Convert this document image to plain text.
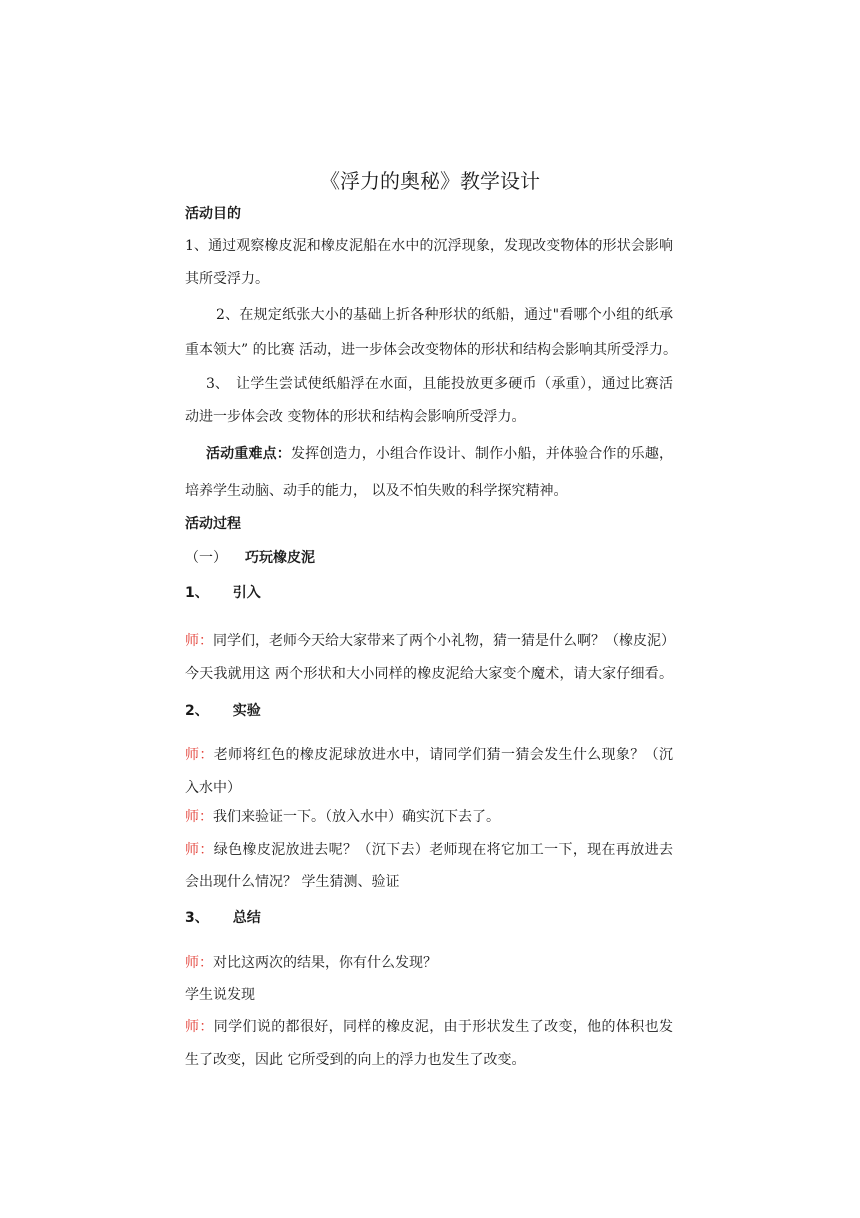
《浮力的奥秘》教学设计
活动目的
1、通过观察橡皮泥和橡皮泥船在水中的沉浮现象，发现改变物体的形状会影响
其所受浮力。
2、在规定纸张大小的基础上折各种形状的纸船，通过"看哪个小组的纸承
重本领大” 的比赛 活动，进一步体会改变物体的形状和结构会影响其所受浮力。
3、 让学生尝试使纸船浮在水面，且能投放更多硬币（承重），通过比赛活
动进一步体会改 变物体的形状和结构会影响所受浮力。
活动重难点：发挥创造力，小组合作设计、制作小船，并体验合作的乐趣，
培养学生动脑、动手的能力， 以及不怕失败的科学探究精神。
活动过程
（一） 巧玩橡皮泥
1、 引入
师：同学们，老师今天给大家带来了两个小礼物，猜一猜是什么啊？（橡皮泥）
今天我就用这 两个形状和大小同样的橡皮泥给大家变个魔术，请大家仔细看。
2、 实验
师：老师将红色的橡皮泥球放进水中，请同学们猜一猜会发生什么现象？（沉
入水中）
师：我们来验证一下。（放入水中）确实沉下去了。
师：绿色橡皮泥放进去呢？（沉下去）老师现在将它加工一下，现在再放进去
会出现什么情况？ 学生猜测、验证
3、 总结
师：对比这两次的结果，你有什么发现？
学生说发现
师：同学们说的都很好，同样的橡皮泥，由于形状发生了改变，他的体积也发
生了改变，因此 它所受到的向上的浮力也发生了改变。
